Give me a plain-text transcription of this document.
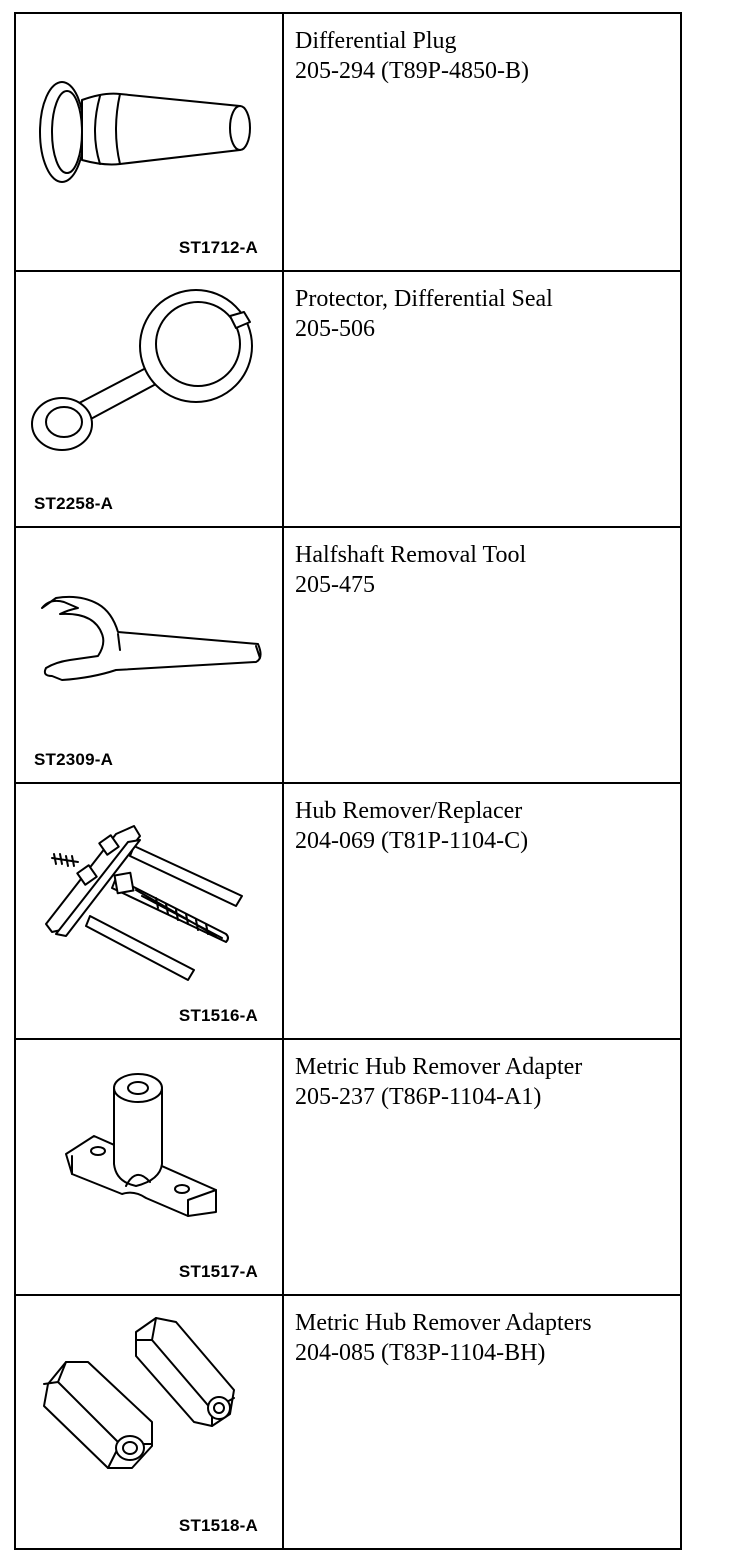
ST1712-A
Differential Plug
205-294 (T89P-4850-B)
ST2258-A
Protector, Differential Seal
205-506
ST2309-A
Halfshaft Removal Tool
205-475
ST1516-A
Hub Remover/Replacer
204-069 (T81P-1104-C)
ST1517-A
Metric Hub Remover Adapter
205-237 (T86P-1104-A1)
ST1518-A
Metric Hub Remover Adapters
204-085 (T83P-1104-BH)
